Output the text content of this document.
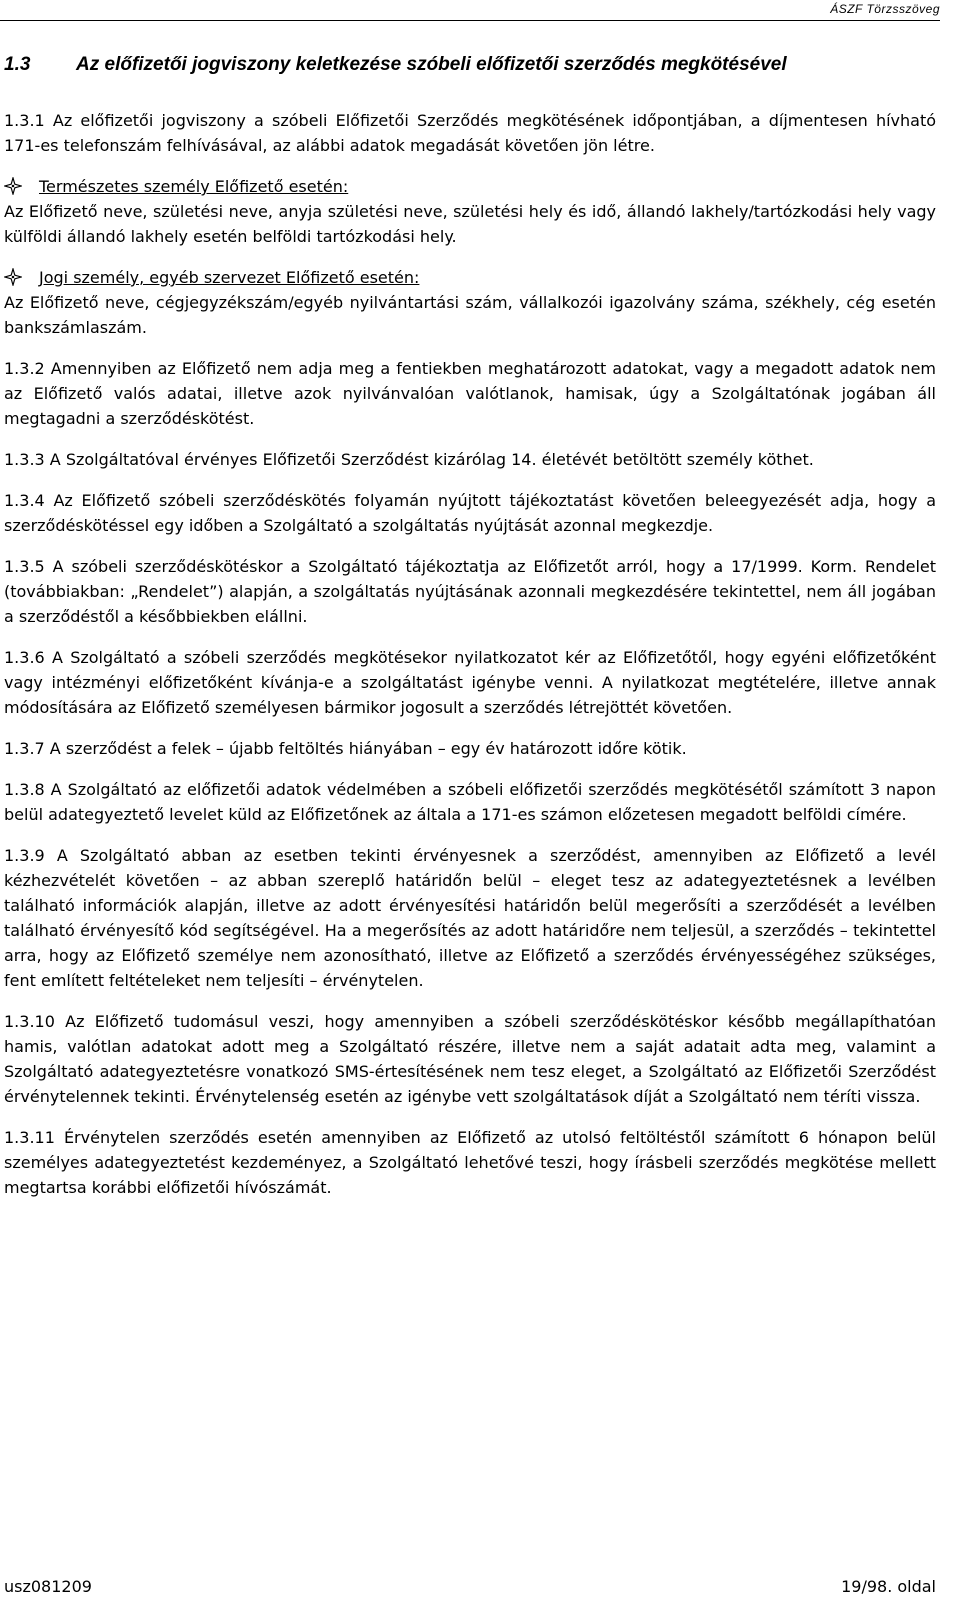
ÁSZF Törzsszöveg
1.3 Az előfizetői jogviszony keletkezése szóbeli előfizetői szerződés megkötésével

1.3.1 Az előfizetői jogviszony a szóbeli Előfizetői Szerződés megkötésének időpontjában, a díjmentesen hívható 171-es telefonszám felhívásával, az alábbi adatok megadását követően jön létre.

Természetes személy Előfizető esetén:
Az Előfizető neve, születési neve, anyja születési neve, születési hely és idő, állandó lakhely/tartózkodási hely vagy külföldi állandó lakhely esetén belföldi tartózkodási hely.
Jogi személy, egyéb szervezet Előfizető esetén:
Az Előfizető neve, cégjegyzékszám/egyéb nyilvántartási szám, vállalkozói igazolvány száma, székhely, cég esetén bankszámlaszám.

1.3.2 Amennyiben az Előfizető nem adja meg a fentiekben meghatározott adatokat, vagy a megadott adatok nem az Előfizető valós adatai, illetve azok nyilvánvalóan valótlanok, hamisak, úgy a Szolgáltatónak jogában áll megtagadni a szerződéskötést.

1.3.3 A Szolgáltatóval érvényes Előfizetői Szerződést kizárólag 14. életévét betöltött személy köthet.

1.3.4 Az Előfizető szóbeli szerződéskötés folyamán nyújtott tájékoztatást követően beleegyezését adja, hogy a szerződéskötéssel egy időben a Szolgáltató a szolgáltatás nyújtását azonnal megkezdje.

1.3.5 A szóbeli szerződéskötéskor a Szolgáltató tájékoztatja az Előfizetőt arról, hogy a 17/1999. Korm. Rendelet (továbbiakban: „Rendelet”) alapján, a szolgáltatás nyújtásának azonnali megkezdésére tekintettel, nem áll jogában a szerződéstől a későbbiekben elállni.

1.3.6 A Szolgáltató a szóbeli szerződés megkötésekor nyilatkozatot kér az Előfizetőtől, hogy egyéni előfizetőként vagy intézményi előfizetőként kívánja-e a szolgáltatást igénybe venni. A nyilatkozat megtételére, illetve annak módosítására az Előfizető személyesen bármikor jogosult a szerződés létrejöttét követően.

1.3.7 A szerződést a felek – újabb feltöltés hiányában – egy év határozott időre kötik.

1.3.8 A Szolgáltató az előfizetői adatok védelmében a szóbeli előfizetői szerződés megkötésétől számított 3 napon belül adategyeztető levelet küld az Előfizetőnek az általa a 171-es számon előzetesen megadott belföldi címére.

1.3.9 A Szolgáltató abban az esetben tekinti érvényesnek a szerződést, amennyiben az Előfizető a levél kézhezvételét követően – az abban szereplő határidőn belül – eleget tesz az adategyeztetésnek a levélben található információk alapján, illetve az adott érvényesítési határidőn belül megerősíti a szerződését a levélben található érvényesítő kód segítségével. Ha a megerősítés az adott határidőre nem teljesül, a szerződés – tekintettel arra, hogy az Előfizető személye nem azonosítható, illetve az Előfizető a szerződés érvényességéhez szükséges, fent említett feltételeket nem teljesíti – érvénytelen.

1.3.10 Az Előfizető tudomásul veszi, hogy amennyiben a szóbeli szerződéskötéskor később megállapíthatóan hamis, valótlan adatokat adott meg a Szolgáltató részére, illetve nem a saját adatait adta meg, valamint a Szolgáltató adategyeztetésre vonatkozó SMS-értesítésének nem tesz eleget, a Szolgáltató az Előfizetői Szerződést érvénytelennek tekinti. Érvénytelenség esetén az igénybe vett szolgáltatások díját a Szolgáltató nem téríti vissza.

1.3.11 Érvénytelen szerződés esetén amennyiben az Előfizető az utolsó feltöltéstől számított 6 hónapon belül személyes adategyeztetést kezdeményez, a Szolgáltató lehetővé teszi, hogy írásbeli szerződés megkötése mellett megtartsa korábbi előfizetői hívószámát.

usz081209	19/98. oldal
